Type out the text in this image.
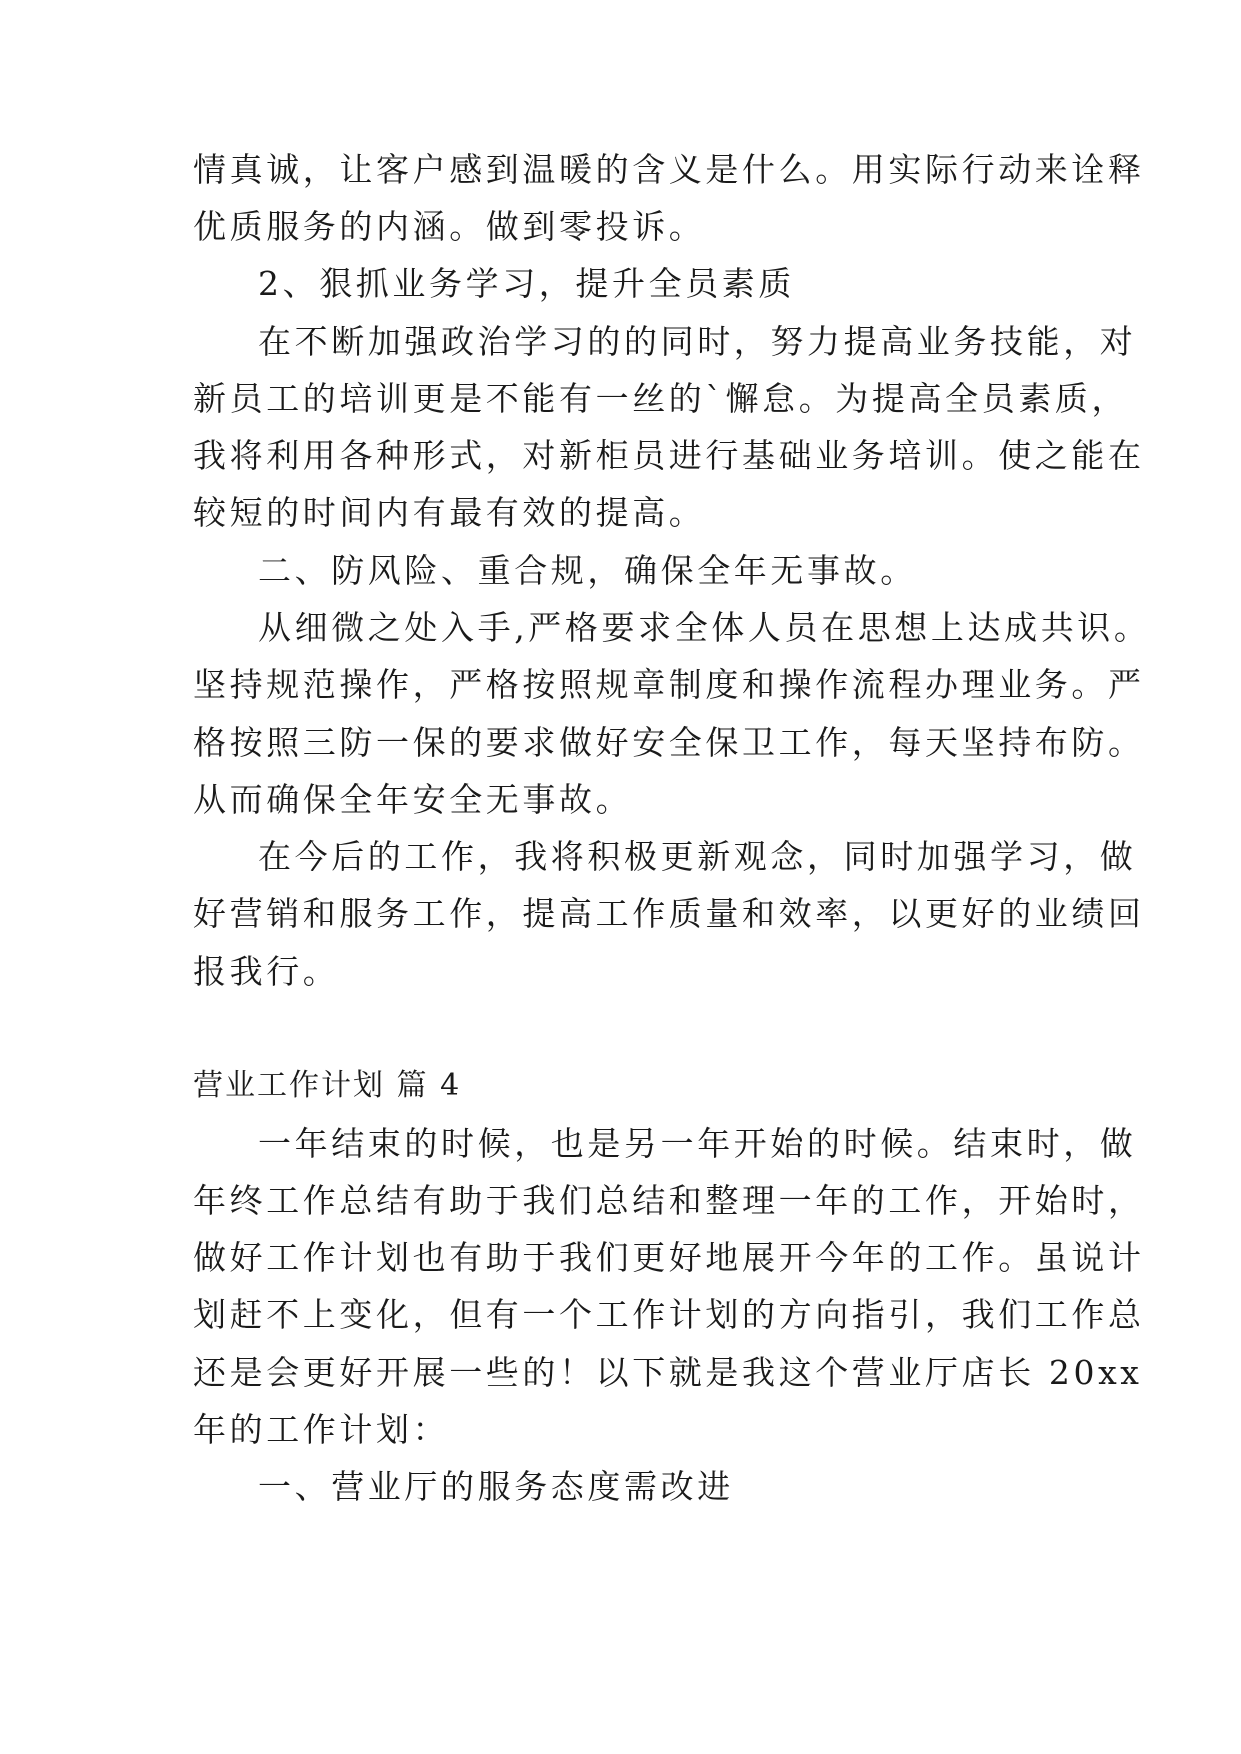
情真诚，让客户感到温暖的含义是什么。用实际行动来诠释
优质服务的内涵。做到零投诉。
2、狠抓业务学习，提升全员素质
在不断加强政治学习的的同时，努力提高业务技能，对
新员工的培训更是不能有一丝的`懈怠。为提高全员素质，
我将利用各种形式，对新柜员进行基础业务培训。使之能在
较短的时间内有最有效的提高。
二、防风险、重合规，确保全年无事故。
从细微之处入手,严格要求全体人员在思想上达成共识。
坚持规范操作，严格按照规章制度和操作流程办理业务。严
格按照三防一保的要求做好安全保卫工作，每天坚持布防。
从而确保全年安全无事故。
在今后的工作，我将积极更新观念，同时加强学习，做
好营销和服务工作，提高工作质量和效率，以更好的业绩回
报我行。
营业工作计划 篇 4
一年结束的时候，也是另一年开始的时候。结束时，做
年终工作总结有助于我们总结和整理一年的工作，开始时，
做好工作计划也有助于我们更好地展开今年的工作。虽说计
划赶不上变化，但有一个工作计划的方向指引，我们工作总
还是会更好开展一些的！以下就是我这个营业厅店长 20xx
年的工作计划：
一、营业厅的服务态度需改进
